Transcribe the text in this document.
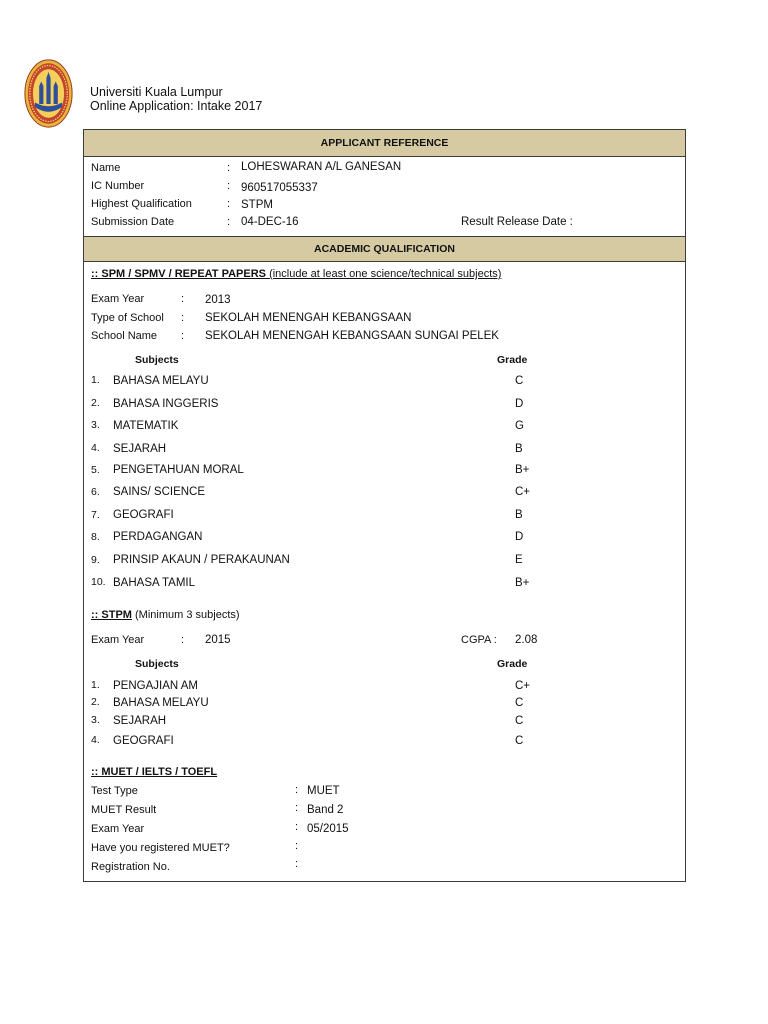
Universiti Kuala Lumpur
Online Application: Intake 2017
APPLICANT REFERENCE
Name	: LOHESWARAN A/L GANESAN
IC Number	: 960517055337
Highest Qualification	: STPM
Submission Date	: 04-DEC-16	Result Release Date :
ACADEMIC QUALIFICATION
:: SPM / SPMV / REPEAT PAPERS (include at least one science/technical subjects)
Exam Year	: 2013
Type of School : SEKOLAH MENENGAH KEBANGSAAN
School Name : SEKOLAH MENENGAH KEBANGSAAN SUNGAI PELEK
Subjects	Grade
1. BAHASA MELAYU	C
2. BAHASA INGGERIS	D
3. MATEMATIK	G
4. SEJARAH	B
5. PENGETAHUAN MORAL	B+
6. SAINS/ SCIENCE	C+
7. GEOGRAFI	B
8. PERDAGANGAN	D
9. PRINSIP AKAUN / PERAKAUNAN	E
10. BAHASA TAMIL	B+
:: STPM (Minimum 3 subjects)
Exam Year	: 2015	CGPA : 2.08
Subjects	Grade
1. PENGAJIAN AM	C+
2. BAHASA MELAYU	C
3. SEJARAH	C
4. GEOGRAFI	C
:: MUET / IELTS / TOEFL
Test Type	: MUET
MUET Result	: Band 2
Exam Year	: 05/2015
Have you registered MUET?	:
Registration No.	:
